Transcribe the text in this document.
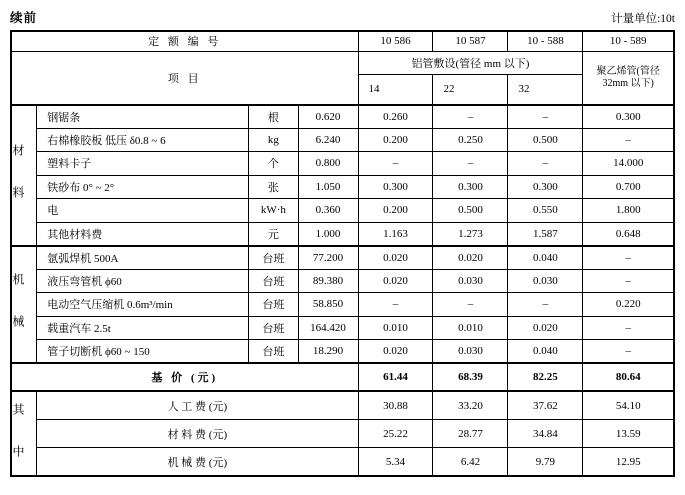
续前	计量单位:10t
定 额 编 号				10 586	10 587	10 - 588	10 - 589
项 目				铝管敷设(管径 mm 以下)			聚乙烯管(管径 32mm 以下)
				14	22	32	

材 料	钢锯条	根	0.620	0.260	–	–	0.300
	右棉橡胶板 低压 δ0.8 ~ 6	kg	6.240	0.200	0.250	0.500	–
	塑料卡子	个	0.800	–	–	–	14.000
	铁砂布 0° ~ 2°	张	1.050	0.300	0.300	0.300	0.700
	电	kW·h	0.360	0.200	0.500	0.550	1.800
	其他材料费	元	1.000	1.163	1.273	1.587	0.648

机 械	氩弧焊机 500A	台班	77.200	0.020	0.020	0.040	–
	液压弯管机 ϕ60	台班	89.380	0.020	0.030	0.030	–
	电动空气压缩机 0.6m³/min	台班	58.850	–	–	–	0.220
	载重汽车 2.5t	台班	164.420	0.010	0.010	0.020	–
	管子切断机 ϕ60 ~ 150	台班	18.290	0.020	0.030	0.040	–
基 价 (元)				61.44	68.39	82.25	80.64

其 中	人 工 费 (元)			30.88	33.20	37.62	54.10
	材 料 费 (元)			25.22	28.77	34.84	13.59
	机 械 费 (元)			5.34	6.42	9.79	12.95
